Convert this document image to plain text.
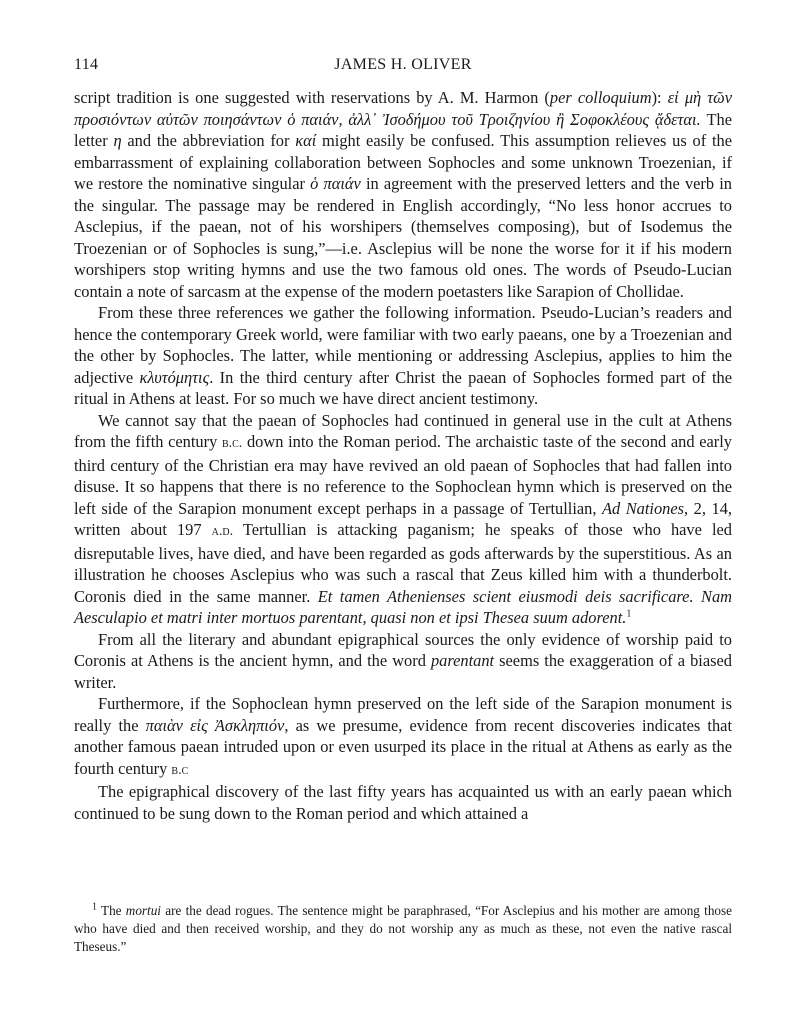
114	JAMES H. OLIVER

script tradition is one suggested with reservations by A. M. Harmon (per colloquium): εἰ μὴ τῶν προσιόντων αὐτῶν ποιησάντων ὁ παιάν, ἀλλ᾿ Ἰσοδήμου τοῦ Τροιζηνίου ἢ Σοφοκλέους ᾄδεται. The letter η and the abbreviation for καί might easily be confused. This assumption relieves us of the embarrassment of explaining collaboration between Sophocles and some unknown Troezenian, if we restore the nominative singular ὁ παιάν in agreement with the preserved letters and the verb in the singular. The passage may be rendered in English accordingly, “No less honor accrues to Asclepius, if the paean, not of his worshipers (themselves composing), but of Isodemus the Troezenian or of Sophocles is sung,”—i.e. Asclepius will be none the worse for it if his modern worshipers stop writing hymns and use the two famous old ones. The words of Pseudo-Lucian contain a note of sarcasm at the expense of the modern poetasters like Sarapion of Chollidae.

From these three references we gather the following information. Pseudo-Lucian’s readers and hence the contemporary Greek world, were familiar with two early paeans, one by a Troezenian and the other by Sophocles. The latter, while mentioning or addressing Asclepius, applies to him the adjective κλυτόμητις. In the third century after Christ the paean of Sophocles formed part of the ritual in Athens at least. For so much we have direct ancient testimony.

We cannot say that the paean of Sophocles had continued in general use in the cult at Athens from the fifth century b.c. down into the Roman period. The archaistic taste of the second and early third century of the Christian era may have revived an old paean of Sophocles that had fallen into disuse. It so happens that there is no reference to the Sophoclean hymn which is preserved on the left side of the Sarapion monument except perhaps in a passage of Tertullian, Ad Nationes, 2, 14, written about 197 a.d. Tertullian is attacking paganism; he speaks of those who have led disreputable lives, have died, and have been regarded as gods afterwards by the superstitious. As an illustration he chooses Asclepius who was such a rascal that Zeus killed him with a thunderbolt. Coronis died in the same manner. Et tamen Athenienses scient eiusmodi deis sacrificare. Nam Aesculapio et matri inter mortuos parentant, quasi non et ipsi Thesea suum adorent.$^1$

From all the literary and abundant epigraphical sources the only evidence of worship paid to Coronis at Athens is the ancient hymn, and the word parentant seems the exaggeration of a biased writer.

Furthermore, if the Sophoclean hymn preserved on the left side of the Sarapion monument is really the παιὰν εἰς Ἀσκληπιόν, as we presume, evidence from recent discoveries indicates that another famous paean intruded upon or even usurped its place in the ritual at Athens as early as the fourth century b.c

The epigraphical discovery of the last fifty years has acquainted us with an early paean which continued to be sung down to the Roman period and which attained a

$^1$ The mortui are the dead rogues. The sentence might be paraphrased, “For Asclepius and his mother are among those who have died and then received worship, and they do not worship any as much as these, not even the native rascal Theseus.”
